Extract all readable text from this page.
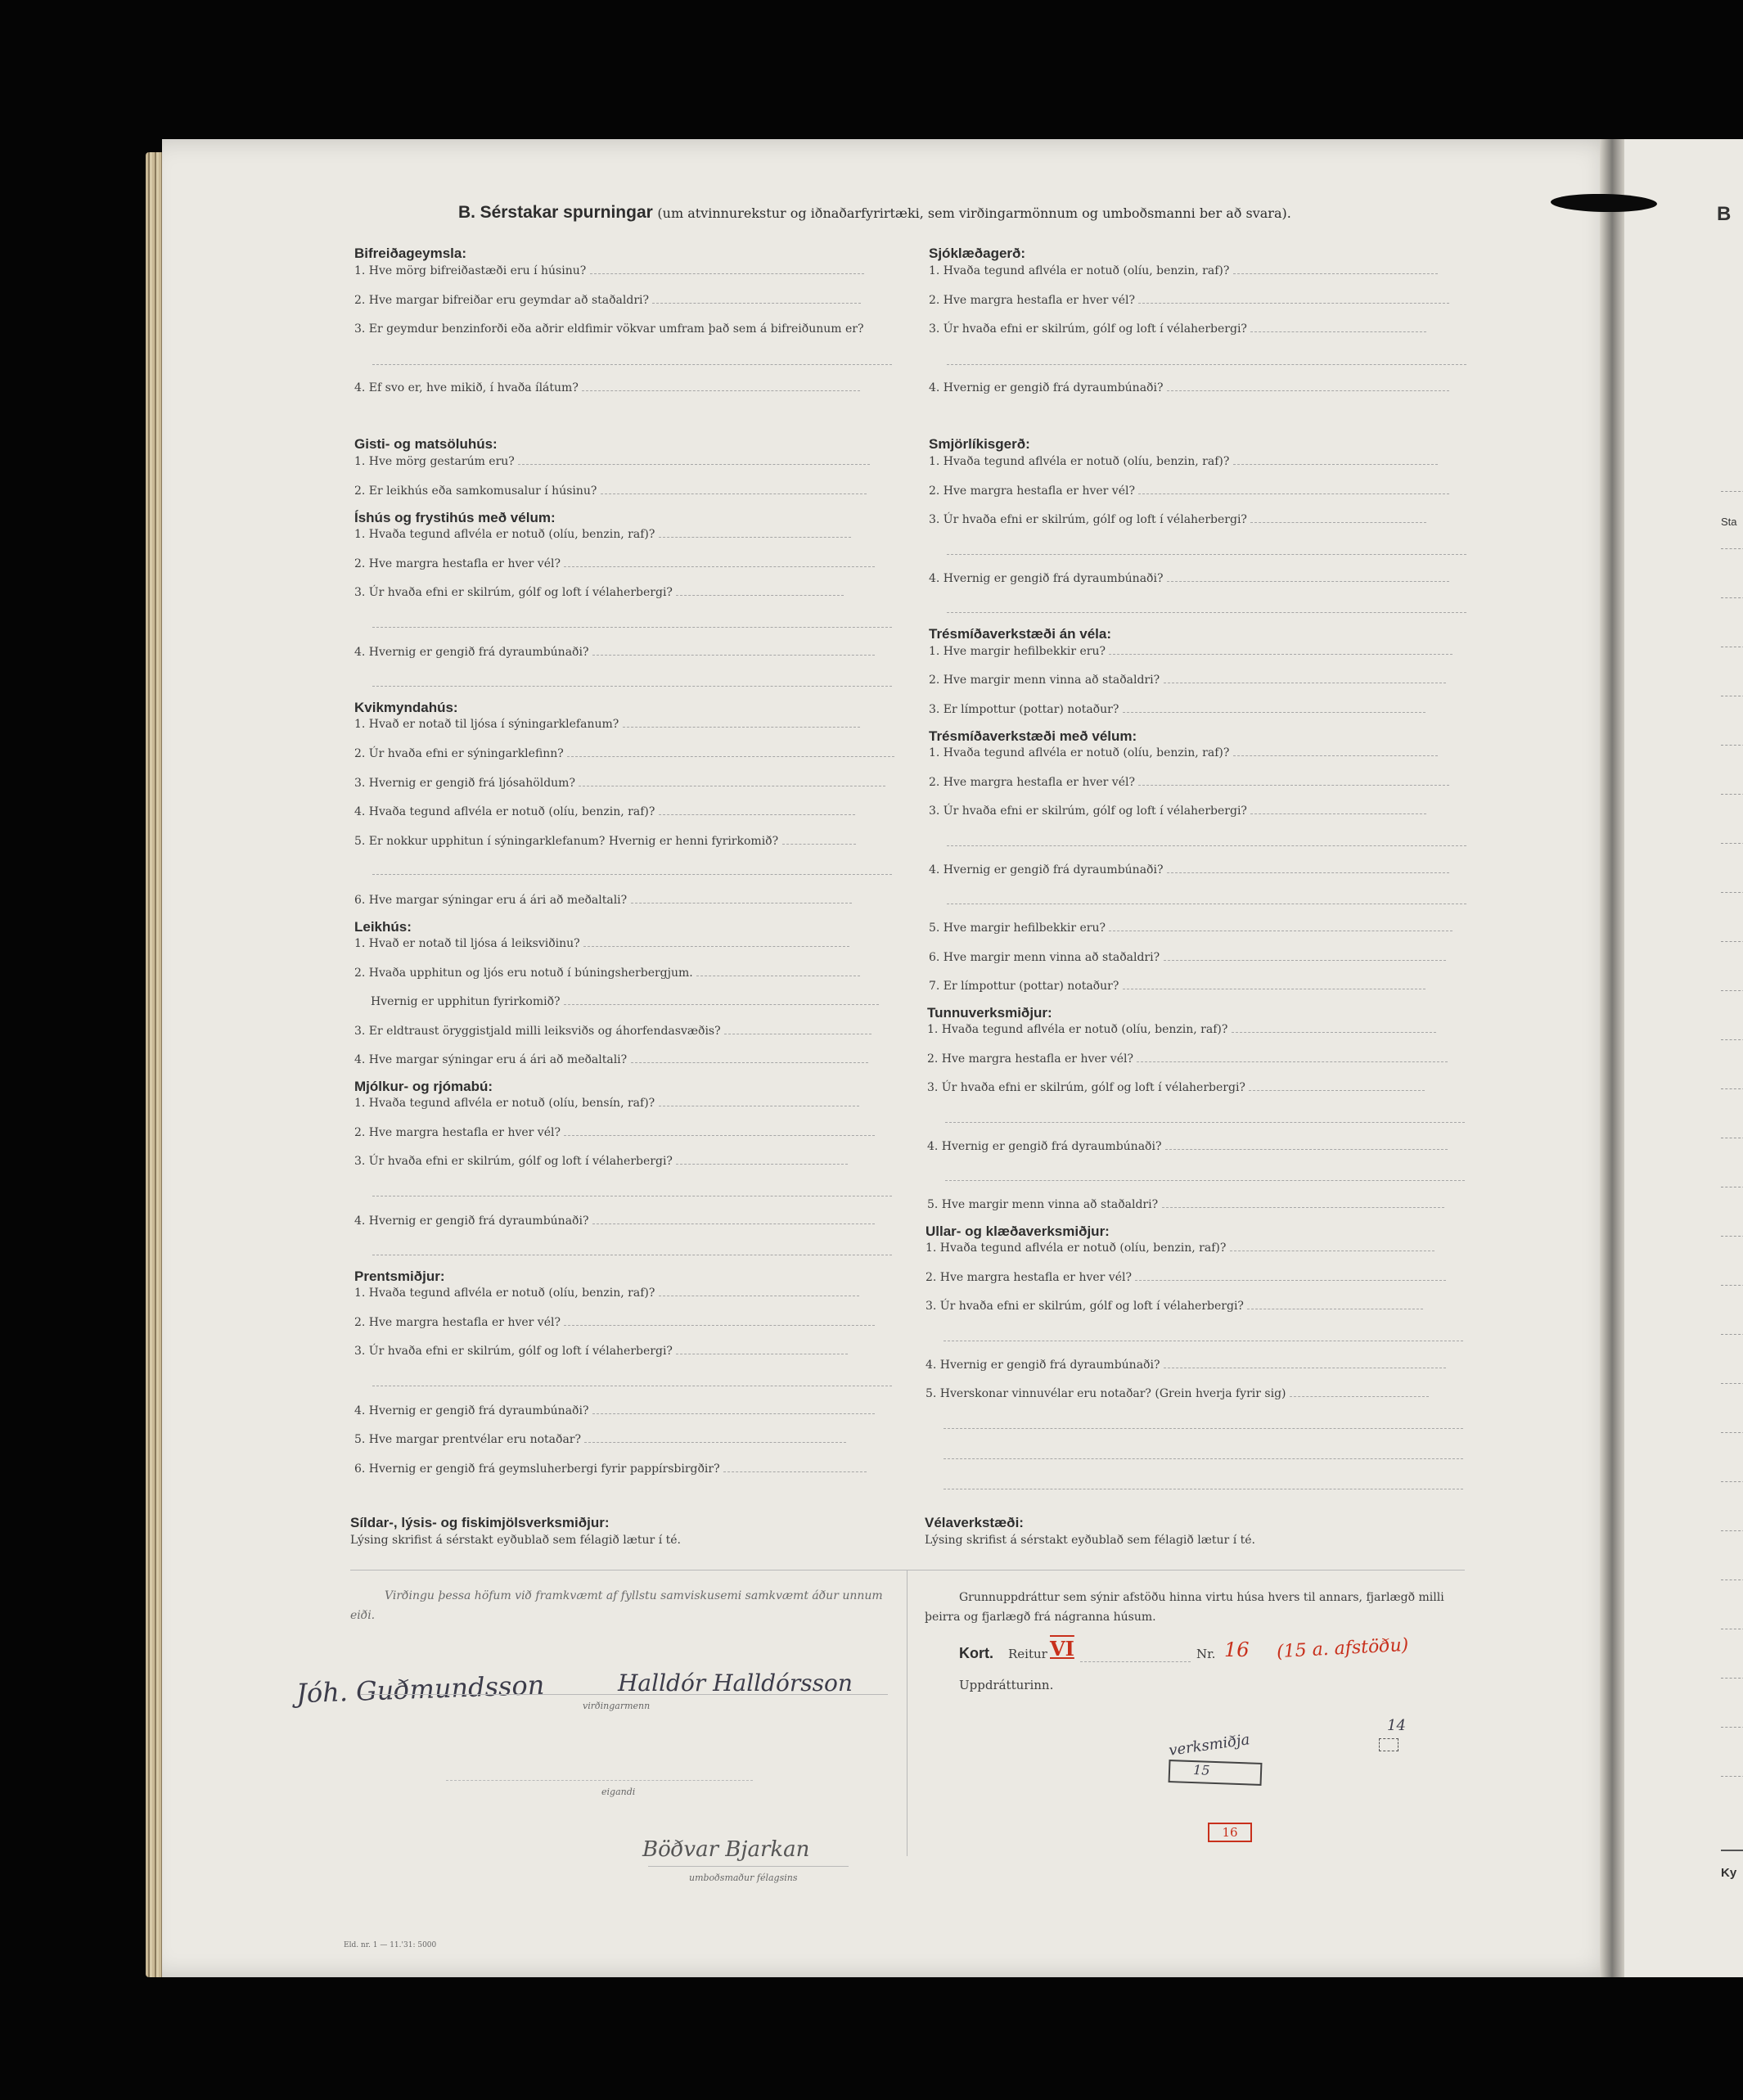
B
Sta
Ky
B. Sérstakar spurningar (um atvinnurekstur og iðnaðarfyrirtæki, sem virðingarmönnum og umboðsmanni ber að svara).
Bifreiðageymsla:
1. Hve mörg bifreiðastæði eru í húsinu?
2. Hve margar bifreiðar eru geymdar að staðaldri?
3. Er geymdur benzinforði eða aðrir eldfimir vökvar umfram það sem á bifreiðunum er?
4. Ef svo er, hve mikið, í hvaða ílátum?
Gisti- og matsöluhús:
1. Hve mörg gestarúm eru?
2. Er leikhús eða samkomusalur í húsinu?
Íshús og frystihús með vélum:
1. Hvaða tegund aflvéla er notuð (olíu, benzin, raf)?
2. Hve margra hestafla er hver vél?
3. Úr hvaða efni er skilrúm, gólf og loft í vélaherbergi?
4. Hvernig er gengið frá dyraumbúnaði?
Kvikmyndahús:
1. Hvað er notað til ljósa í sýningarklefanum?
2. Úr hvaða efni er sýningarklefinn?
3. Hvernig er gengið frá ljósahöldum?
4. Hvaða tegund aflvéla er notuð (olíu, benzin, raf)?
5. Er nokkur upphitun í sýningarklefanum? Hvernig er henni fyrirkomið?
6. Hve margar sýningar eru á ári að meðaltali?
Leikhús:
1. Hvað er notað til ljósa á leiksviðinu?
2. Hvaða upphitun og ljós eru notuð í búningsherbergjum.
Hvernig er upphitun fyrirkomið?
3. Er eldtraust öryggistjald milli leiksviðs og áhorfendasvæðis?
4. Hve margar sýningar eru á ári að meðaltali?
Mjólkur- og rjómabú:
1. Hvaða tegund aflvéla er notuð (olíu, bensín, raf)?
2. Hve margra hestafla er hver vél?
3. Úr hvaða efni er skilrúm, gólf og loft í vélaherbergi?
4. Hvernig er gengið frá dyraumbúnaði?
Prentsmiðjur:
1. Hvaða tegund aflvéla er notuð (olíu, benzin, raf)?
2. Hve margra hestafla er hver vél?
3. Úr hvaða efni er skilrúm, gólf og loft í vélaherbergi?
4. Hvernig er gengið frá dyraumbúnaði?
5. Hve margar prentvélar eru notaðar?
6. Hvernig er gengið frá geymsluherbergi fyrir pappírsbirgðir?
Síldar-, lýsis- og fiskimjölsverksmiðjur:
Lýsing skrifist á sérstakt eyðublað sem félagið lætur í té.
Sjóklæðagerð:
1. Hvaða tegund aflvéla er notuð (olíu, benzin, raf)?
2. Hve margra hestafla er hver vél?
3. Úr hvaða efni er skilrúm, gólf og loft í vélaherbergi?
4. Hvernig er gengið frá dyraumbúnaði?
Smjörlíkisgerð:
1. Hvaða tegund aflvéla er notuð (olíu, benzin, raf)?
2. Hve margra hestafla er hver vél?
3. Úr hvaða efni er skilrúm, gólf og loft í vélaherbergi?
4. Hvernig er gengið frá dyraumbúnaði?
Trésmíðaverkstæði án véla:
1. Hve margir hefilbekkir eru?
2. Hve margir menn vinna að staðaldri?
3. Er límpottur (pottar) notaður?
Trésmíðaverkstæði með vélum:
1. Hvaða tegund aflvéla er notuð (olíu, benzin, raf)?
2. Hve margra hestafla er hver vél?
3. Úr hvaða efni er skilrúm, gólf og loft í vélaherbergi?
4. Hvernig er gengið frá dyraumbúnaði?
5. Hve margir hefilbekkir eru?
6. Hve margir menn vinna að staðaldri?
7. Er límpottur (pottar) notaður?
Tunnuverksmiðjur:
1. Hvaða tegund aflvéla er notuð (olíu, benzin, raf)?
2. Hve margra hestafla er hver vél?
3. Úr hvaða efni er skilrúm, gólf og loft í vélaherbergi?
4. Hvernig er gengið frá dyraumbúnaði?
5. Hve margir menn vinna að staðaldri?
Ullar- og klæðaverksmiðjur:
1. Hvaða tegund aflvéla er notuð (olíu, benzin, raf)?
2. Hve margra hestafla er hver vél?
3. Úr hvaða efni er skilrúm, gólf og loft í vélaherbergi?
4. Hvernig er gengið frá dyraumbúnaði?
5. Hverskonar vinnuvélar eru notaðar? (Grein hverja fyrir sig)
Vélaverkstæði:
Lýsing skrifist á sérstakt eyðublað sem félagið lætur í té.
Virðingu þessa höfum við framkvæmt af fyllstu samviskusemi samkvæmt áður unnum eiði.
Jóh. Guðmundsson	Halldór Halldórsson
virðingarmenn
eigandi
Böðvar Bjarkan
umboðsmaður félagsins
Grunnuppdráttur sem sýnir afstöðu hinna virtu húsa hvers til annars, fjarlægð milli þeirra og fjarlægð frá nágranna húsum.
Kort. Reitur VI	Nr. 16 (15 a. afstöðu)
Uppdrátturinn.
verksmiðja
15
14
16
Eld. nr. 1 — 11.'31: 5000
